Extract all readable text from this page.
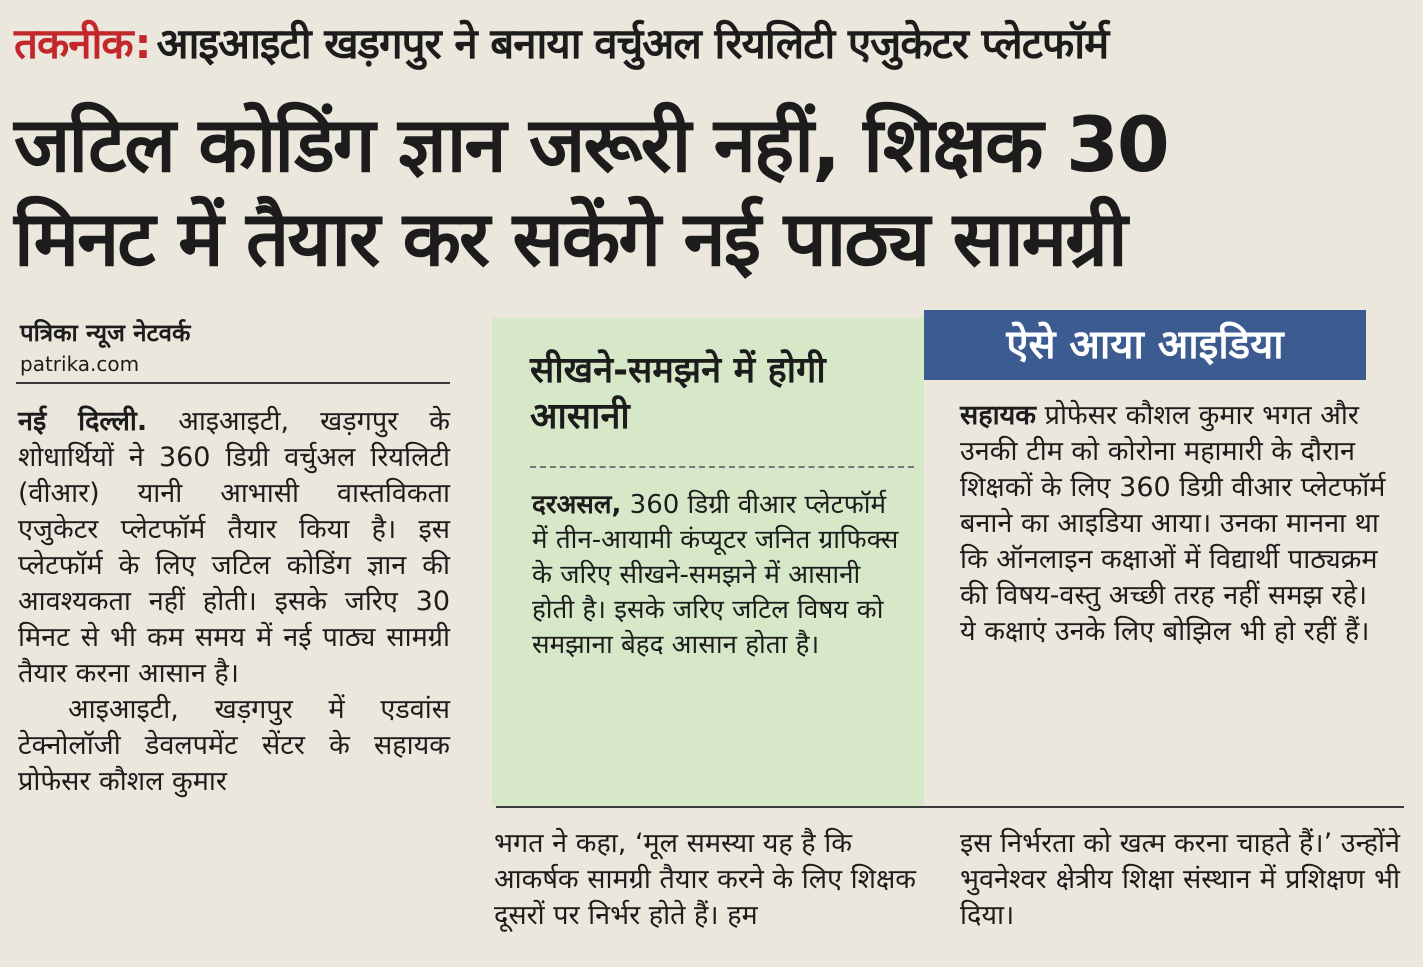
तकनीक: आइआइटी खड़गपुर ने बनाया वर्चुअल रियलिटी एजुकेटर प्लेटफॉर्म
जटिल कोडिंग ज्ञान जरूरी नहीं, शिक्षक 30
मिनट में तैयार कर सकेंगे नई पाठ्य सामग्री
पत्रिका न्यूज नेटवर्क
patrika.com

नई दिल्ली. आइआइटी, खड़गपुर के शोधार्थियों ने 360 डिग्री वर्चुअल रियलिटी (वीआर) यानी आभासी वास्तविकता एजुकेटर प्लेटफॉर्म तैयार किया है। इस प्लेटफॉर्म के लिए जटिल कोडिंग ज्ञान की आवश्यकता नहीं होती। इसके जरिए 30 मिनट से भी कम समय में नई पाठ्य सामग्री तैयार करना आसान है।

आइआइटी, खड़गपुर में एडवांस टेक्नोलॉजी डेवलपमेंट सेंटर के सहायक प्रोफेसर कौशल कुमार

सीखने-समझने में होगी आसानी

दरअसल, 360 डिग्री वीआर प्लेटफॉर्म में तीन-आयामी कंप्यूटर जनित ग्राफिक्स के जरिए सीखने-समझने में आसानी होती है। इसके जरिए जटिल विषय को समझाना बेहद आसान होता है।

ऐसे आया आइडिया

सहायक प्रोफेसर कौशल कुमार भगत और उनकी टीम को कोरोना महामारी के दौरान शिक्षकों के लिए 360 डिग्री वीआर प्लेटफॉर्म बनाने का आइडिया आया। उनका मानना था कि ऑनलाइन कक्षाओं में विद्यार्थी पाठ्यक्रम की विषय-वस्तु अच्छी तरह नहीं समझ रहे। ये कक्षाएं उनके लिए बोझिल भी हो रहीं हैं।

भगत ने कहा, ‘मूल समस्या यह है कि आकर्षक सामग्री तैयार करने के लिए शिक्षक दूसरों पर निर्भर होते हैं। हम

इस निर्भरता को खत्म करना चाहते हैं।’ उन्होंने भुवनेश्वर क्षेत्रीय शिक्षा संस्थान में प्रशिक्षण भी दिया।
